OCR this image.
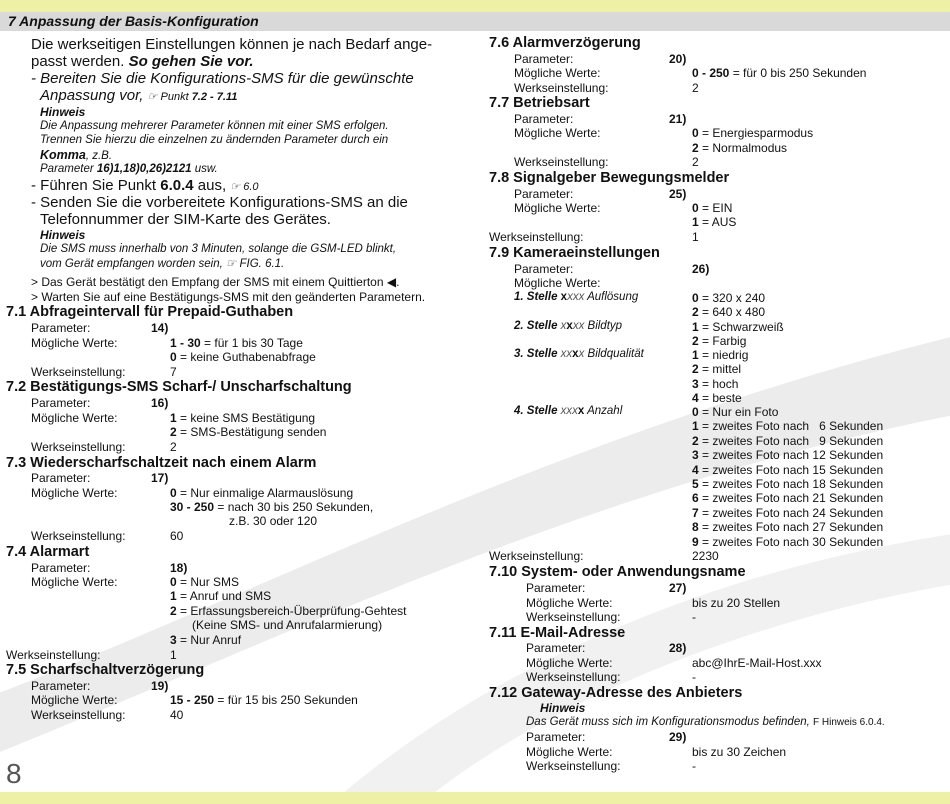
7 Anpassung der Basis-Konfiguration
Die werkseitigen Einstellungen können je nach Bedarf ange-
passt werden. So gehen Sie vor.
- Bereiten Sie die Konfigurations-SMS für die gewünschte
Anpassung vor, ☞ Punkt 7.2 - 7.11
Hinweis
Die Anpassung mehrerer Parameter können mit einer SMS erfolgen.
Trennen Sie hierzu die einzelnen zu ändernden Parameter durch ein
Komma, z.B.
Parameter 16)1,18)0,26)2121 usw.
- Führen Sie Punkt 6.0.4 aus, ☞ 6.0
- Senden Sie die vorbereitete Konfigurations-SMS an die
Telefonnummer der SIM-Karte des Gerätes.
Hinweis
Die SMS muss innerhalb von 3 Minuten, solange die GSM-LED blinkt,
vom Gerät empfangen worden sein, ☞ FIG. 6.1.
> Das Gerät bestätigt den Empfang der SMS mit einem Quittierton ◀.
> Warten Sie auf eine Bestätigungs-SMS mit den geänderten Parametern.
7.1 Abfrageintervall für Prepaid-Guthaben
Parameter:	14)
Mögliche Werte:	1 - 30 = für 1 bis 30 Tage
0 = keine Guthabenabfrage
Werkseinstellung:	7
7.2 Bestätigungs-SMS Scharf-/ Unscharfschaltung
Parameter:	16)
Mögliche Werte:	1 = keine SMS Bestätigung
2 = SMS-Bestätigung senden
Werkseinstellung:	2
7.3 Wiederscharfschaltzeit nach einem Alarm
Parameter:	17)
Mögliche Werte:	0 = Nur einmalige Alarmauslösung
30 - 250 = nach 30 bis 250 Sekunden,
z.B. 30 oder 120
Werkseinstellung:	60
7.4 Alarmart
Parameter:	18)
Mögliche Werte:	0 = Nur SMS
1 = Anruf und SMS
2 = Erfassungsbereich-Überprüfung-Gehtest
(Keine SMS- und Anrufalarmierung)
3 = Nur Anruf
Werkseinstellung:	1
7.5 Scharfschaltverzögerung
Parameter:	19)
Mögliche Werte:	15 - 250 = für 15 bis 250 Sekunden
Werkseinstellung:	40
8
7.6 Alarmverzögerung
Parameter:	20)
Mögliche Werte:	0 - 250 = für 0 bis 250 Sekunden
Werkseinstellung:	2
7.7 Betriebsart
Parameter:	21)
Mögliche Werte:	0 = Energiesparmodus
2 = Normalmodus
Werkseinstellung:	2
7.8 Signalgeber Bewegungsmelder
Parameter:	25)
Mögliche Werte:	0 = EIN
1 = AUS
Werkseinstellung:	1
7.9 Kameraeinstellungen
Parameter:	26)
Mögliche Werte:
1. Stelle xxxx Auflösung	0 = 320 x 240
2 = 640 x 480
2. Stelle xxxx Bildtyp	1 = Schwarzweiß
2 = Farbig
3. Stelle xxxx Bildqualität	1 = niedrig
2 = mittel
3 = hoch
4 = beste
4. Stelle xxxx Anzahl	0 = Nur ein Foto
1 = zweites Foto nach   6 Sekunden
2 = zweites Foto nach   9 Sekunden
3 = zweites Foto nach 12 Sekunden
4 = zweites Foto nach 15 Sekunden
5 = zweites Foto nach 18 Sekunden
6 = zweites Foto nach 21 Sekunden
7 = zweites Foto nach 24 Sekunden
8 = zweites Foto nach 27 Sekunden
9 = zweites Foto nach 30 Sekunden
Werkseinstellung:	2230
7.10 System- oder Anwendungsname
Parameter:	27)
Mögliche Werte:	bis zu 20 Stellen
Werkseinstellung:	-
7.11 E-Mail-Adresse
Parameter:	28)
Mögliche Werte:	abc@IhrE-Mail-Host.xxx
Werkseinstellung:	-
7.12 Gateway-Adresse des Anbieters
Hinweis
Das Gerät muss sich im Konfigurationsmodus befinden, F Hinweis 6.0.4.
Parameter:	29)
Mögliche Werte:	bis zu 30 Zeichen
Werkseinstellung:	-
